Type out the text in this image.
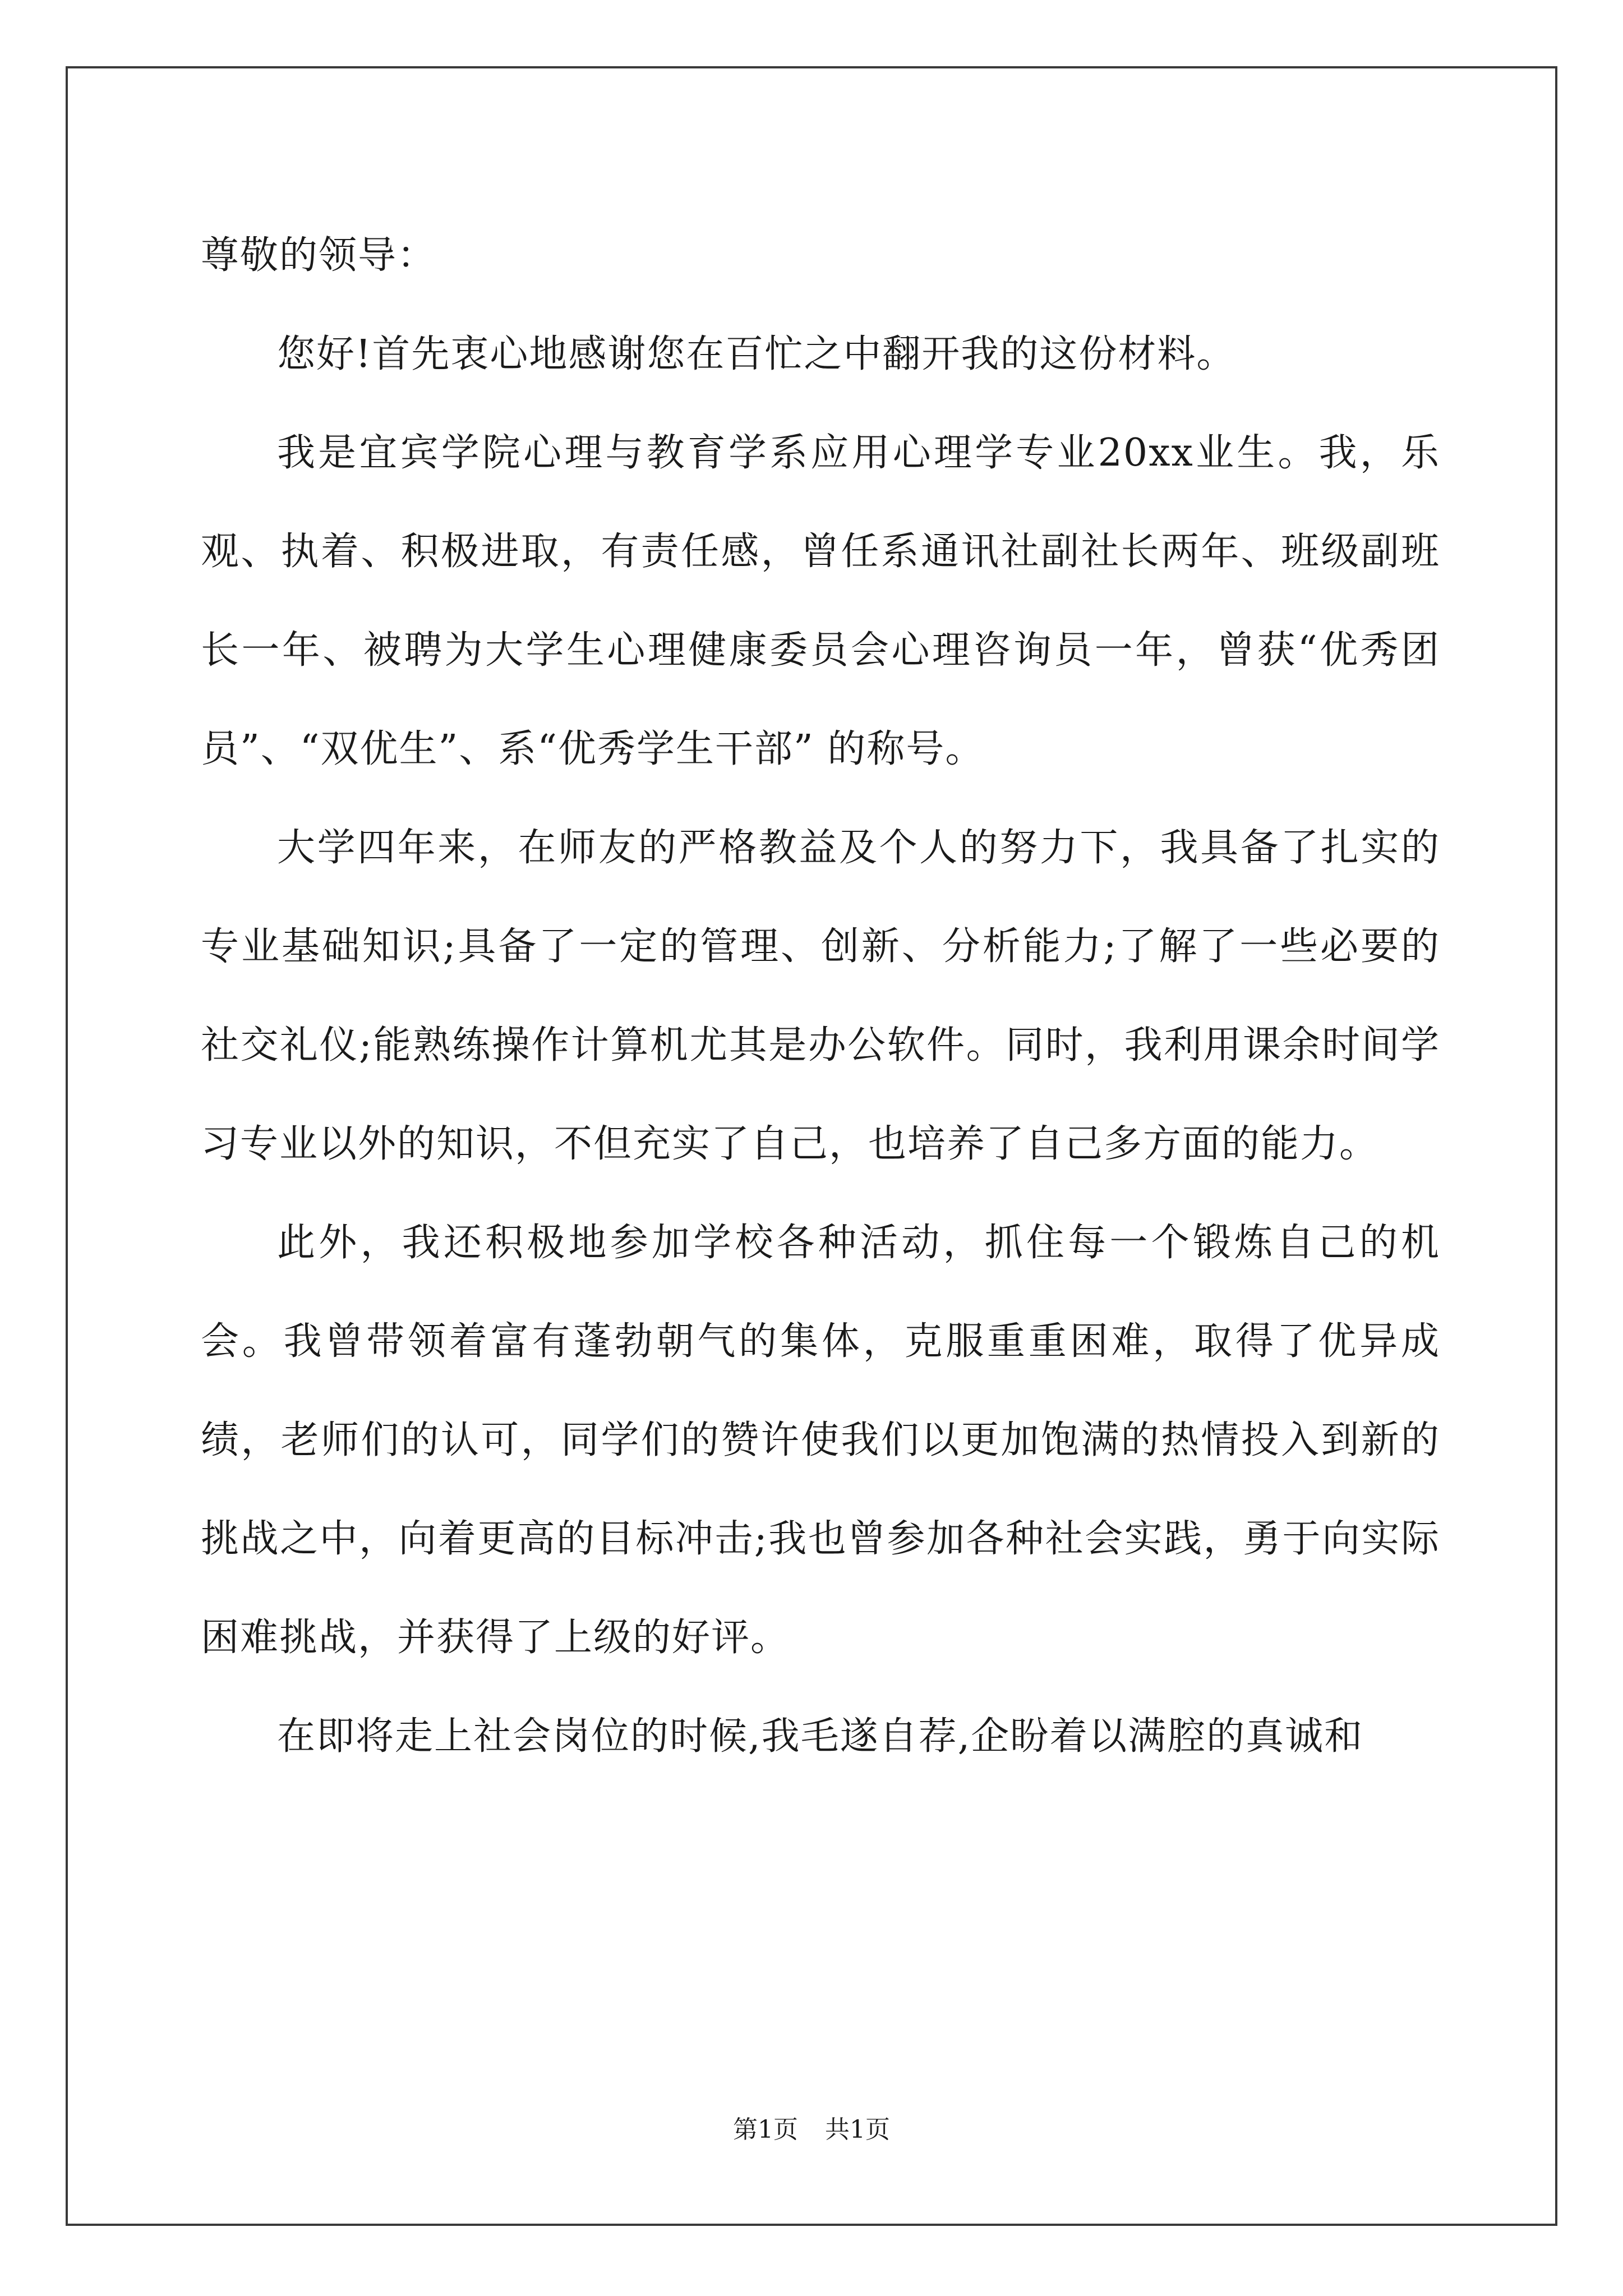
尊敬的领导：

您好!首先衷心地感谢您在百忙之中翻开我的这份材料。

我是宜宾学院心理与教育学系应用心理学专业20xx业生。我，乐观、执着、积极进取，有责任感，曾任系通讯社副社长两年、班级副班长一年、被聘为大学生心理健康委员会心理咨询员一年，曾获“优秀团员”、“双优生”、系“优秀学生干部” 的称号。

大学四年来，在师友的严格教益及个人的努力下，我具备了扎实的专业基础知识;具备了一定的管理、创新、分析能力;了解了一些必要的社交礼仪;能熟练操作计算机尤其是办公软件。同时，我利用课余时间学习专业以外的知识，不但充实了自己，也培养了自己多方面的能力。

此外，我还积极地参加学校各种活动，抓住每一个锻炼自己的机会。我曾带领着富有蓬勃朝气的集体，克服重重困难，取得了优异成绩，老师们的认可，同学们的赞许使我们以更加饱满的热情投入到新的挑战之中，向着更高的目标冲击;我也曾参加各种社会实践，勇于向实际困难挑战，并获得了上级的好评。

在即将走上社会岗位的时候,我毛遂自荐,企盼着以满腔的真诚和

第1页 共1页
